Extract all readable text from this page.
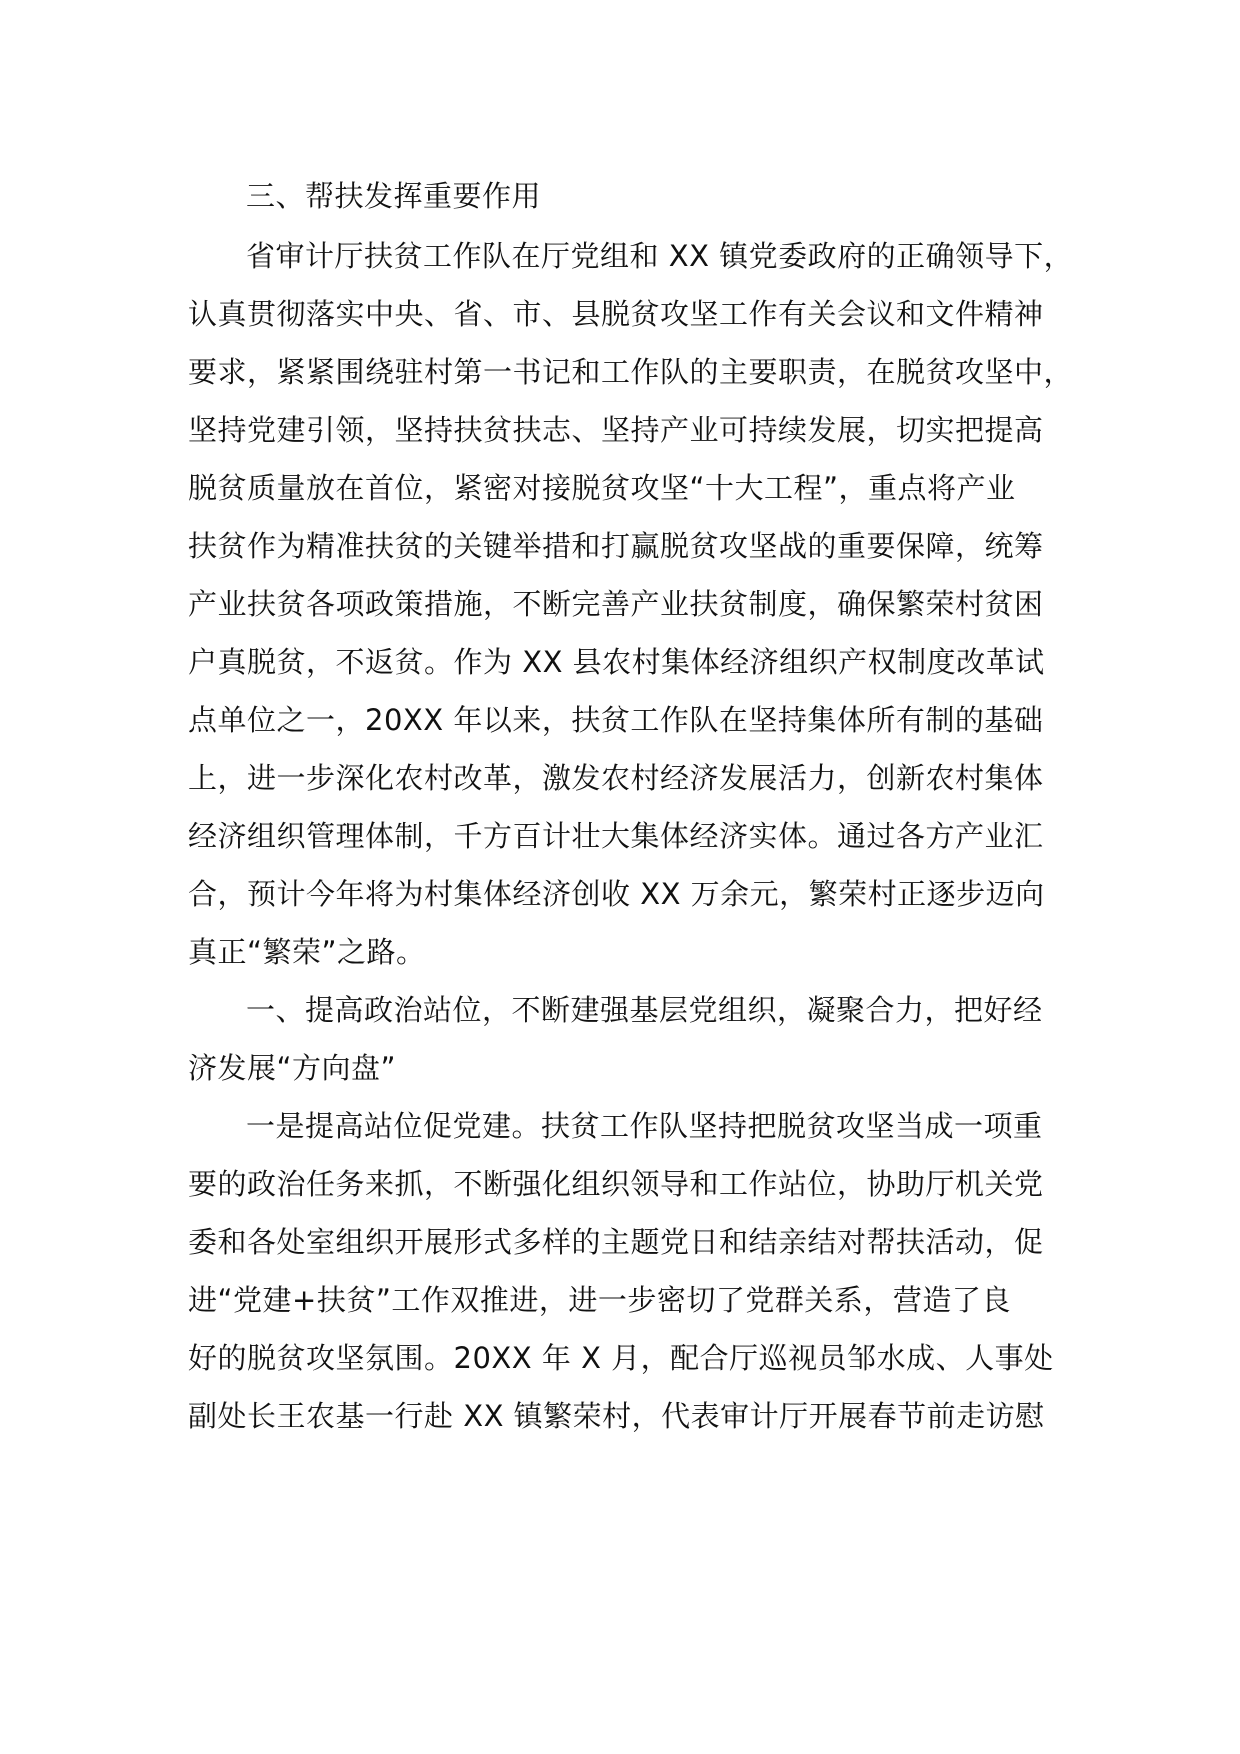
三、帮扶发挥重要作用
省审计厅扶贫工作队在厅党组和 XX 镇党委政府的正确领导下，
认真贯彻落实中央、省、市、县脱贫攻坚工作有关会议和文件精神
要求，紧紧围绕驻村第一书记和工作队的主要职责，在脱贫攻坚中，
坚持党建引领，坚持扶贫扶志、坚持产业可持续发展，切实把提高
脱贫质量放在首位，紧密对接脱贫攻坚“十大工程”，重点将产业
扶贫作为精准扶贫的关键举措和打赢脱贫攻坚战的重要保障，统筹
产业扶贫各项政策措施，不断完善产业扶贫制度，确保繁荣村贫困
户真脱贫，不返贫。作为 XX 县农村集体经济组织产权制度改革试
点单位之一，20XX 年以来，扶贫工作队在坚持集体所有制的基础
上，进一步深化农村改革，激发农村经济发展活力，创新农村集体
经济组织管理体制，千方百计壮大集体经济实体。通过各方产业汇
合，预计今年将为村集体经济创收 XX 万余元，繁荣村正逐步迈向
真正“繁荣”之路。
一、提高政治站位，不断建强基层党组织，凝聚合力，把好经
济发展“方向盘”
一是提高站位促党建。扶贫工作队坚持把脱贫攻坚当成一项重
要的政治任务来抓，不断强化组织领导和工作站位，协助厅机关党
委和各处室组织开展形式多样的主题党日和结亲结对帮扶活动，促
进“党建+扶贫”工作双推进，进一步密切了党群关系，营造了良
好的脱贫攻坚氛围。20XX 年 X 月，配合厅巡视员邹水成、人事处
副处长王农基一行赴 XX 镇繁荣村，代表审计厅开展春节前走访慰
